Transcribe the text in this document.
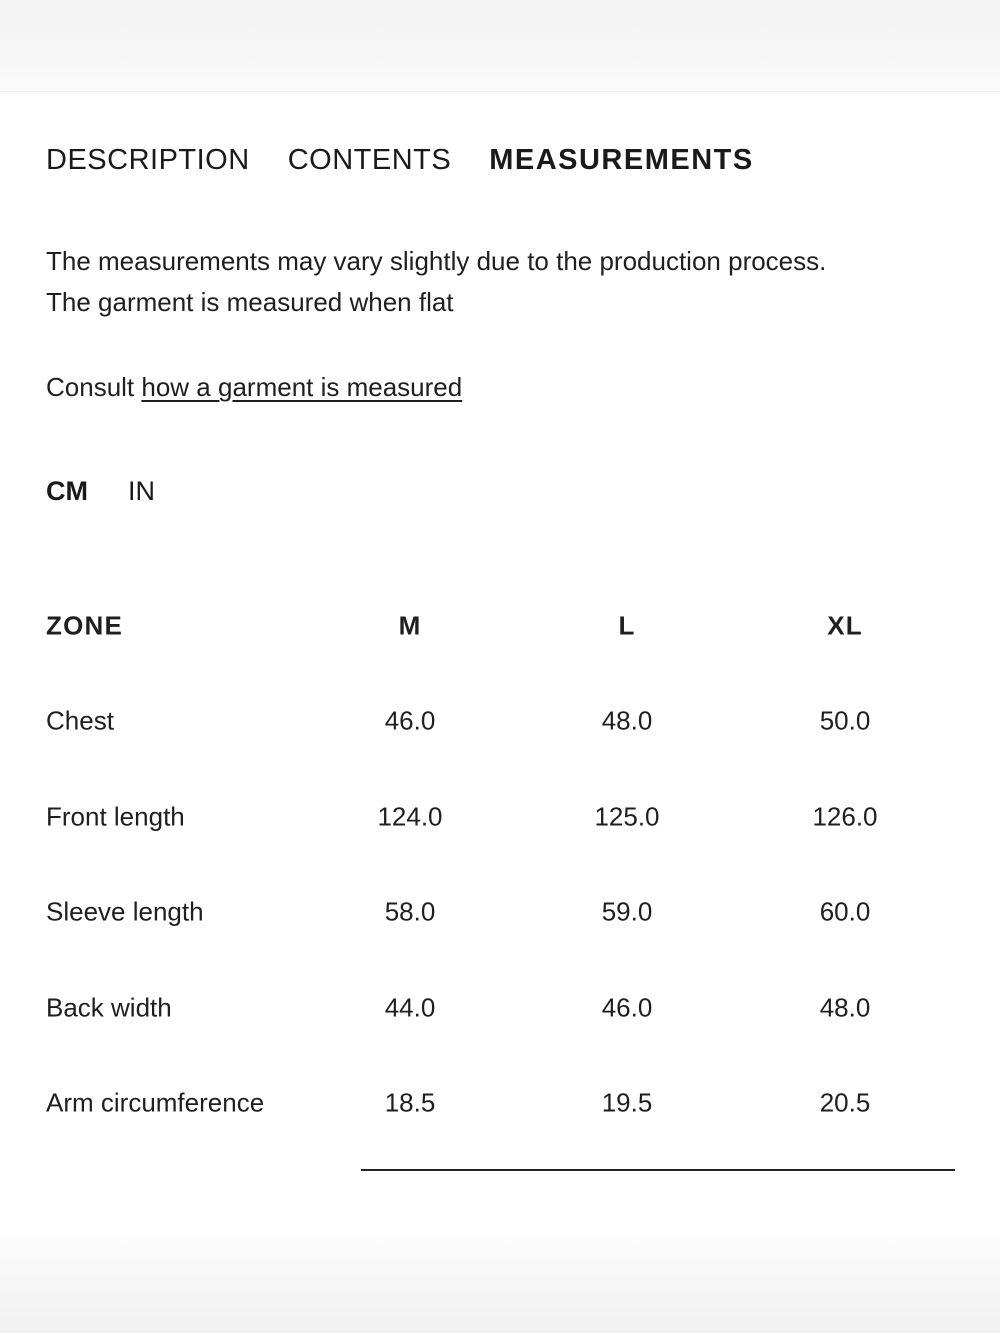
DESCRIPTION CONTENTS MEASUREMENTS

The measurements may vary slightly due to the production process.

The garment is measured when flat

Consult how a garment is measured
CM IN
ZONE	M	L	XL
Chest	46.0	48.0	50.0
Front length	124.0	125.0	126.0
Sleeve length	58.0	59.0	60.0
Back width	44.0	46.0	48.0
Arm circumference	18.5	19.5	20.5
